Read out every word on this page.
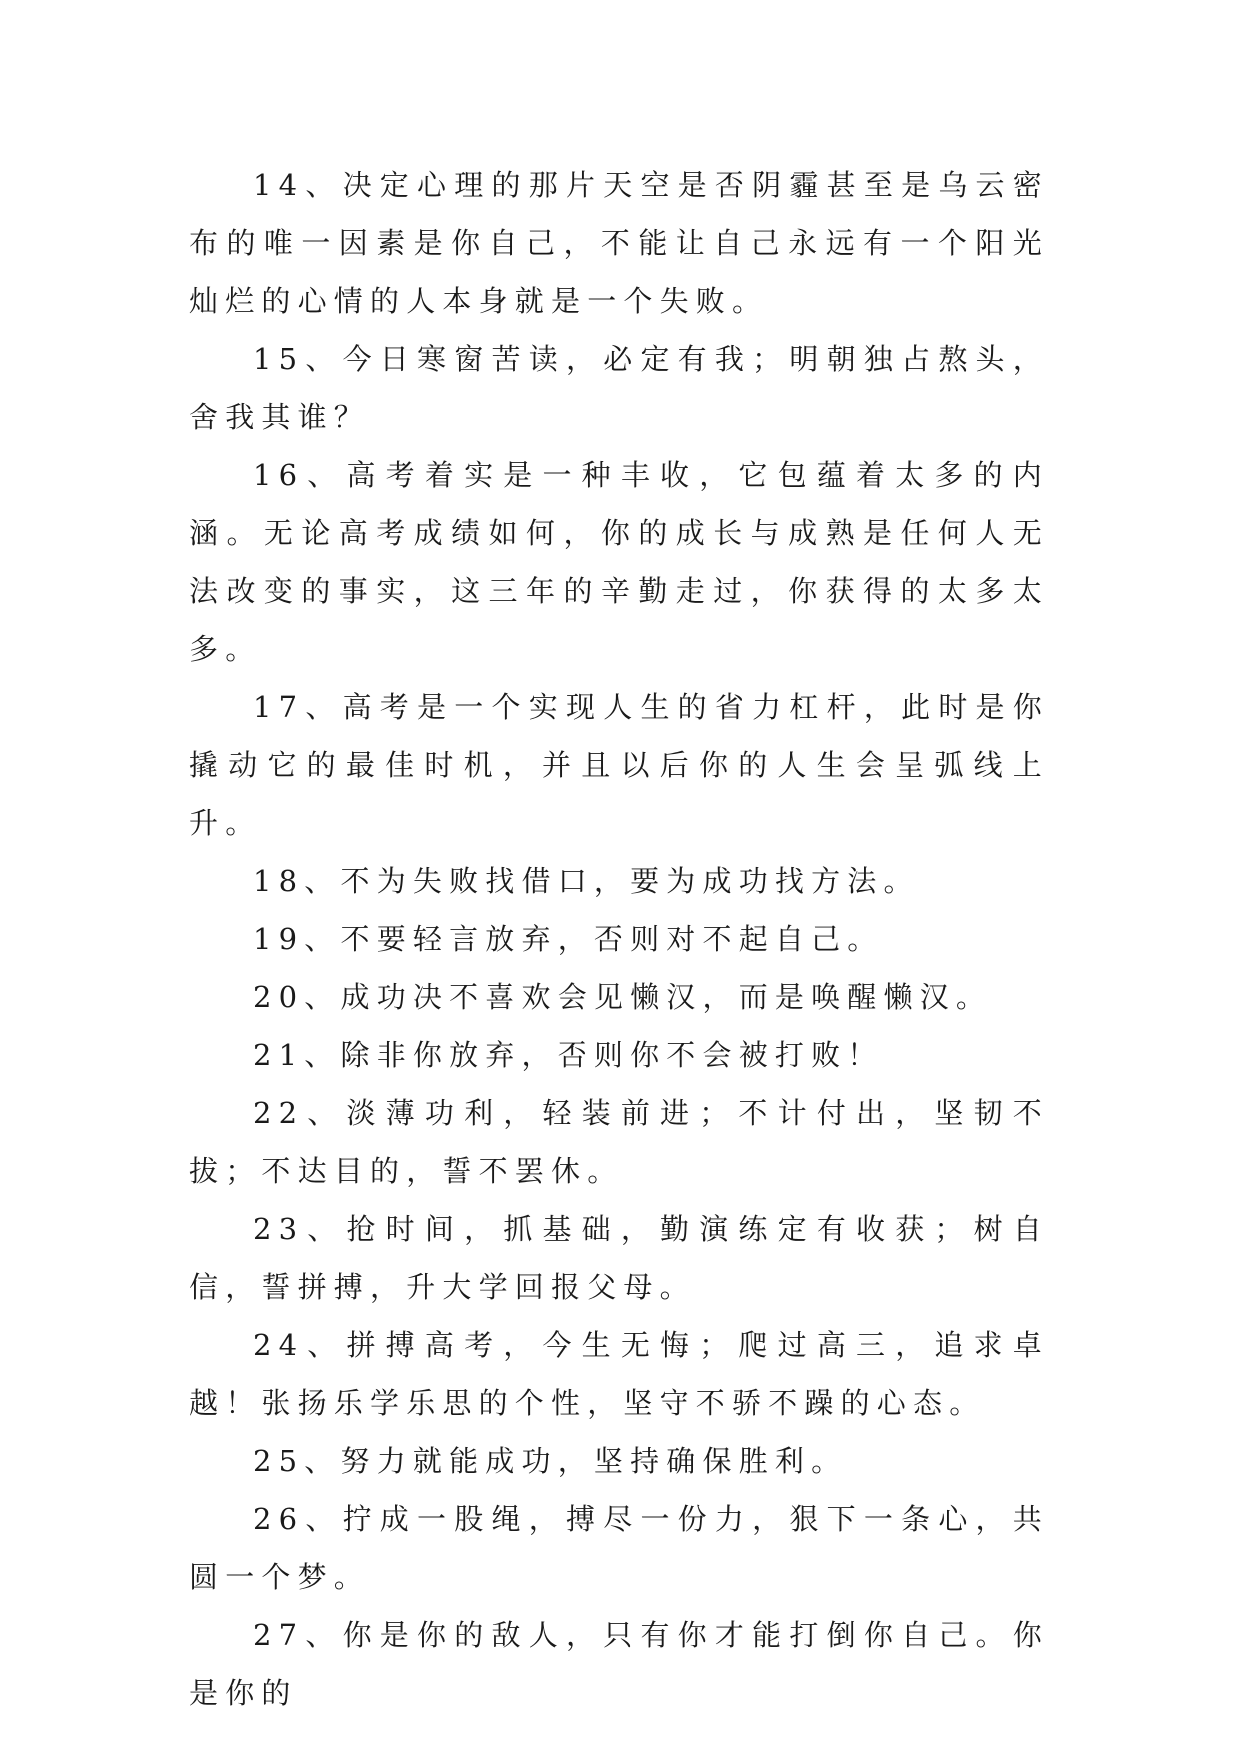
14、决定心理的那片天空是否阴霾甚至是乌云密布的唯一因素是你自己，不能让自己永远有一个阳光灿烂的心情的人本身就是一个失败。

15、今日寒窗苦读，必定有我；明朝独占熬头，舍我其谁？

16、高考着实是一种丰收，它包蕴着太多的内涵。无论高考成绩如何，你的成长与成熟是任何人无法改变的事实，这三年的辛勤走过，你获得的太多太多。

17、高考是一个实现人生的省力杠杆，此时是你撬动它的最佳时机，并且以后你的人生会呈弧线上升。

18、不为失败找借口，要为成功找方法。

19、不要轻言放弃，否则对不起自己。

20、成功决不喜欢会见懒汉，而是唤醒懒汉。

21、除非你放弃，否则你不会被打败！

22、淡薄功利，轻装前进；不计付出，坚韧不拔；不达目的，誓不罢休。

23、抢时间，抓基础，勤演练定有收获；树自信，誓拼搏，升大学回报父母。

24、拼搏高考，今生无悔；爬过高三，追求卓越！张扬乐学乐思的个性，坚守不骄不躁的心态。

25、努力就能成功，坚持确保胜利。

26、拧成一股绳，搏尽一份力，狠下一条心，共圆一个梦。

27、你是你的敌人，只有你才能打倒你自己。你是你的
